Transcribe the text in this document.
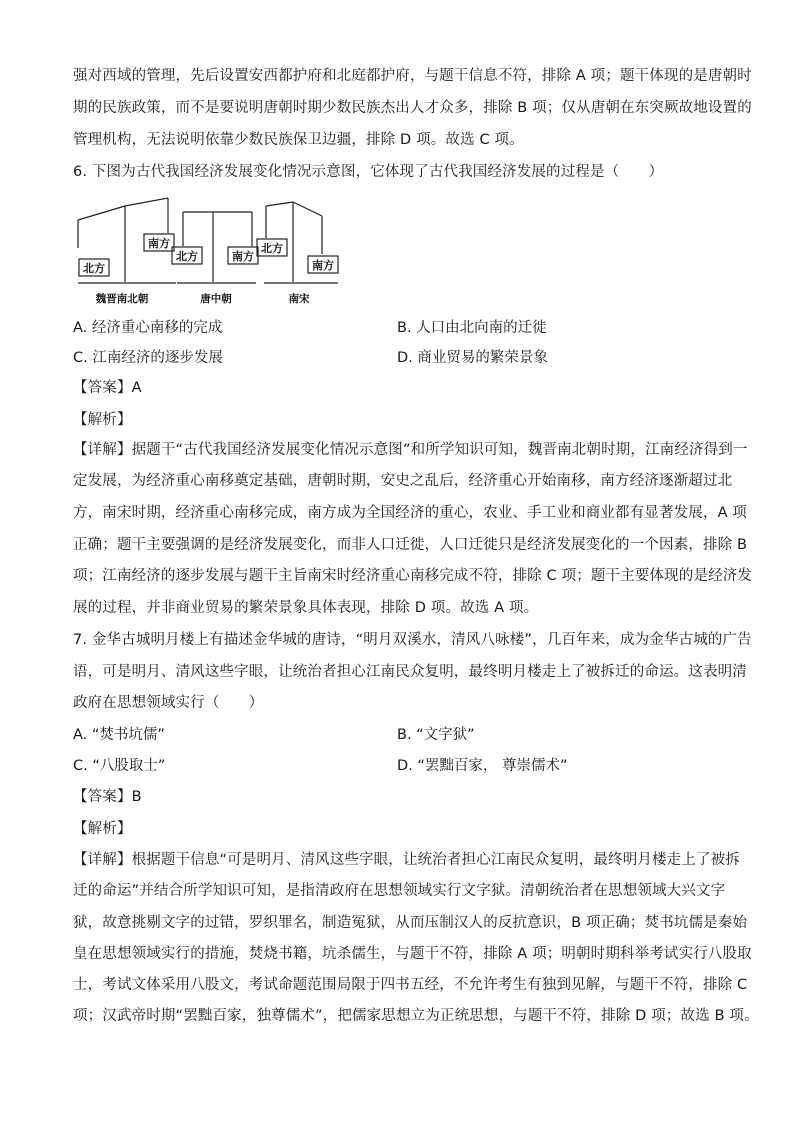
强对西域的管理，先后设置安西都护府和北庭都护府，与题干信息不符，排除 A 项；题干体现的是唐朝时
期的民族政策，而不是要说明唐朝时期少数民族杰出人才众多，排除 B 项；仅从唐朝在东突厥故地设置的
管理机构，无法说明依靠少数民族保卫边疆，排除 D 项。故选 C 项。
6. 下图为古代我国经济发展变化情况示意图，它体现了古代我国经济发展的过程是（　　）
北方
南方
北方	南方
北方
南方
魏晋南北朝	唐中朝	南宋
A. 经济重心南移的完成	B. 人口由北向南的迁徙
C. 江南经济的逐步发展	D. 商业贸易的繁荣景象
【答案】A
【解析】
【详解】据题干“古代我国经济发展变化情况示意图”和所学知识可知，魏晋南北朝时期，江南经济得到一
定发展，为经济重心南移奠定基础，唐朝时期，安史之乱后，经济重心开始南移，南方经济逐渐超过北
方，南宋时期，经济重心南移完成，南方成为全国经济的重心，农业、手工业和商业都有显著发展，A 项
正确；题干主要强调的是经济发展变化，而非人口迁徙，人口迁徙只是经济发展变化的一个因素，排除 B
项；江南经济的逐步发展与题干主旨南宋时经济重心南移完成不符，排除 C 项；题干主要体现的是经济发
展的过程，并非商业贸易的繁荣景象具体表现，排除 D 项。故选 A 项。
7. 金华古城明月楼上有描述金华城的唐诗，“明月双溪水，清风八咏楼”，几百年来，成为金华古城的广告
语，可是明月、清风这些字眼，让统治者担心江南民众复明，最终明月楼走上了被拆迁的命运。这表明清
政府在思想领域实行（　　）
A. “焚书坑儒”	B. “文字狱”
C. “八股取士”	D. “罢黜百家， 尊崇儒术”
【答案】B
【解析】
【详解】根据题干信息“可是明月、清风这些字眼，让统治者担心江南民众复明，最终明月楼走上了被拆
迁的命运”并结合所学知识可知，是指清政府在思想领域实行文字狱。清朝统治者在思想领域大兴文字
狱，故意挑剔文字的过错，罗织罪名，制造冤狱，从而压制汉人的反抗意识，B 项正确；焚书坑儒是秦始
皇在思想领域实行的措施，焚烧书籍，坑杀儒生，与题干不符，排除 A 项；明朝时期科举考试实行八股取
士，考试文体采用八股文，考试命题范围局限于四书五经，不允许考生有独到见解，与题干不符，排除 C
项；汉武帝时期“罢黜百家，独尊儒术”，把儒家思想立为正统思想，与题干不符，排除 D 项；故选 B 项。
